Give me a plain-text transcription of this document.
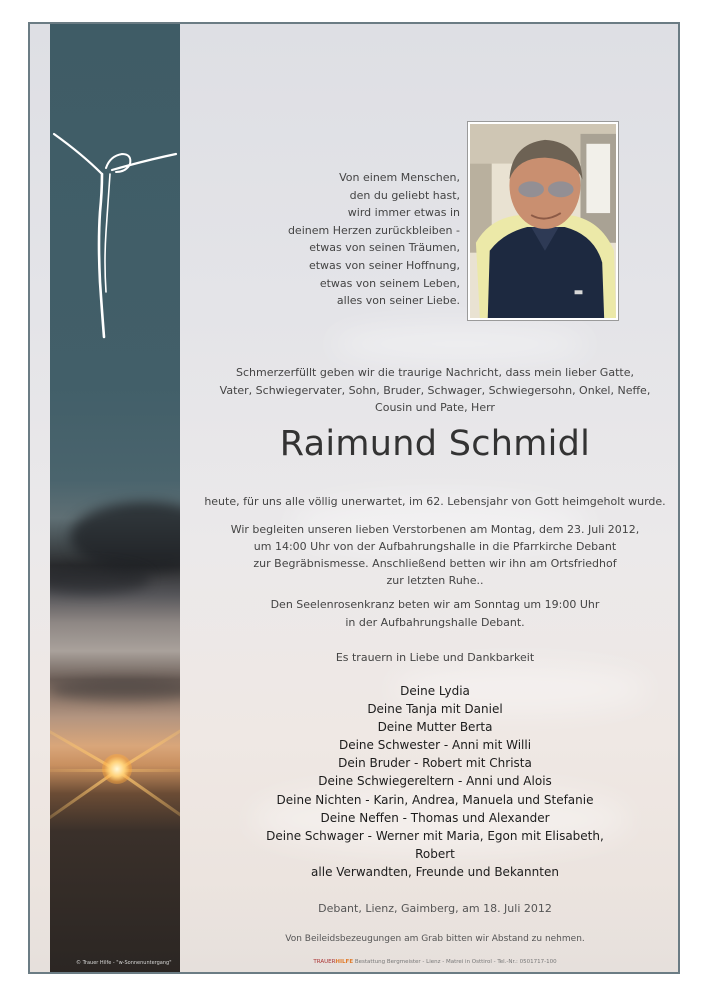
© Trauer Hilfe - "w-Sonnenuntergang"
Von einem Menschen,
den du geliebt hast,
wird immer etwas in
deinem Herzen zurückbleiben -
etwas von seinen Träumen,
etwas von seiner Hoffnung,
etwas von seinem Leben,
alles von seiner Liebe.
Schmerzerfüllt geben wir die traurige Nachricht, dass mein lieber Gatte,
Vater, Schwiegervater, Sohn, Bruder, Schwager, Schwiegersohn, Onkel, Neffe,
Cousin und Pate, Herr
Raimund Schmidl
heute, für uns alle völlig unerwartet, im 62. Lebensjahr von Gott heimgeholt wurde.
Wir begleiten unseren lieben Verstorbenen am Montag, dem 23. Juli 2012,
um 14:00 Uhr von der Aufbahrungshalle in die Pfarrkirche Debant
zur Begräbnismesse. Anschließend betten wir ihn am Ortsfriedhof
zur letzten Ruhe..
Den Seelenrosenkranz beten wir am Sonntag um 19:00 Uhr
in der Aufbahrungshalle Debant.
Es trauern in Liebe und Dankbarkeit
Deine Lydia
Deine Tanja mit Daniel
Deine Mutter Berta
Deine Schwester - Anni mit Willi
Dein Bruder - Robert mit Christa
Deine Schwiegereltern - Anni und Alois
Deine Nichten - Karin, Andrea, Manuela und Stefanie
Deine Neffen - Thomas und Alexander
Deine Schwager - Werner mit Maria, Egon mit Elisabeth,
Robert
alle Verwandten, Freunde und Bekannten
Debant, Lienz, Gaimberg, am 18. Juli 2012
Von Beileidsbezeugungen am Grab bitten wir Abstand zu nehmen.
TRAUERHILFE Bestattung Bergmeister - Lienz - Matrei in Osttirol - Tel.-Nr.: 0501717-100
